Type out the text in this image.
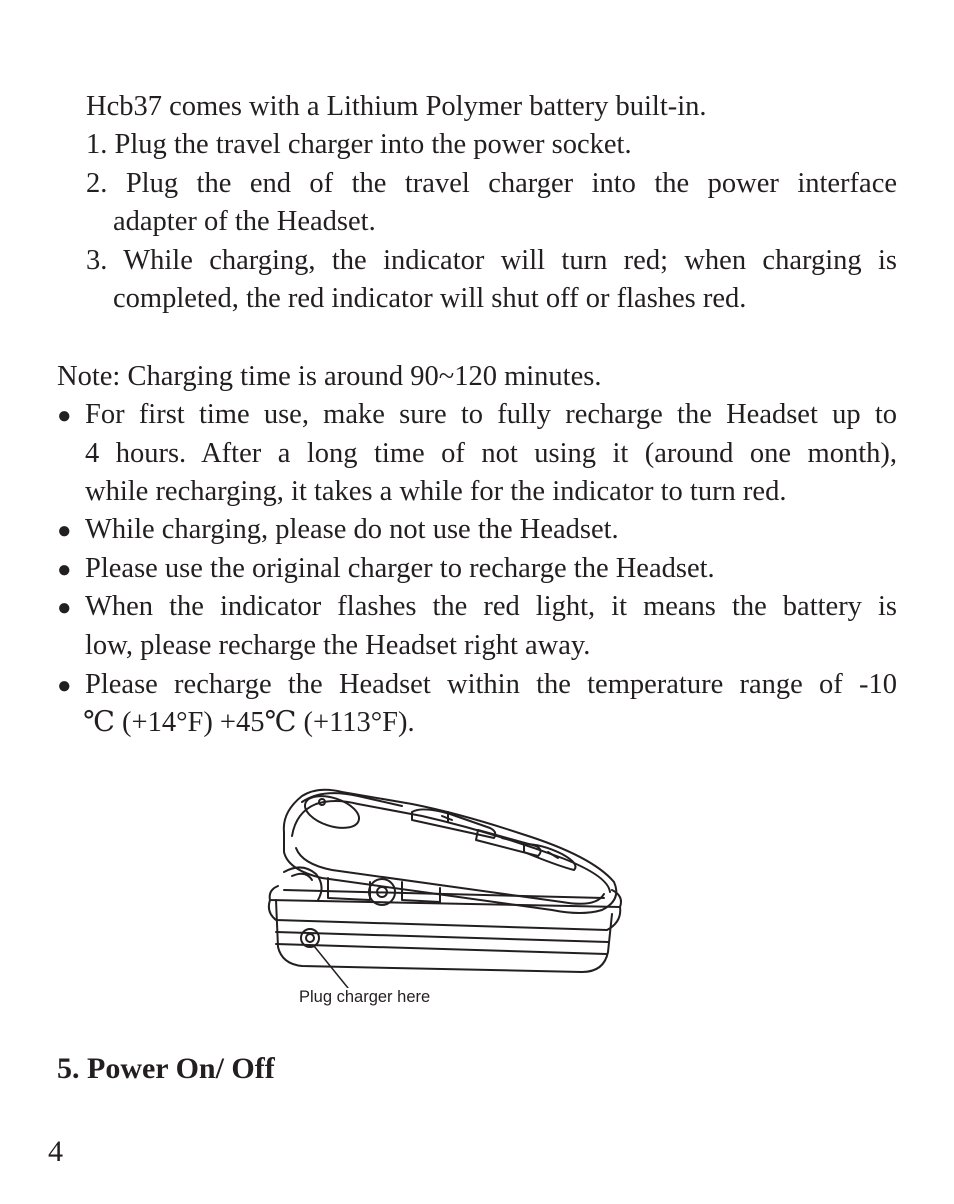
Hcb37 comes with a Lithium Polymer battery built-in.
1. Plug the travel charger into the power socket.
2. Plug the end of the travel charger into the power interface
adapter of the Headset.
3. While charging, the indicator will turn red; when charging is
completed, the red indicator will shut off or flashes red.
Note: Charging time is around 90~120 minutes.
● For first time use, make sure to fully recharge the Headset up to
4 hours. After a long time of not using it (around one month),
while recharging, it takes a while for the indicator to turn red.
● While charging, please do not use the Headset.
● Please use the original charger to recharge the Headset.
● When the indicator flashes the red light, it means the battery is
low, please recharge the Headset right away.
● Please recharge the Headset within the temperature range of -10
℃ (+14°F) +45℃ (+113°F).
Plug charger here
5. Power On/ Off
4
